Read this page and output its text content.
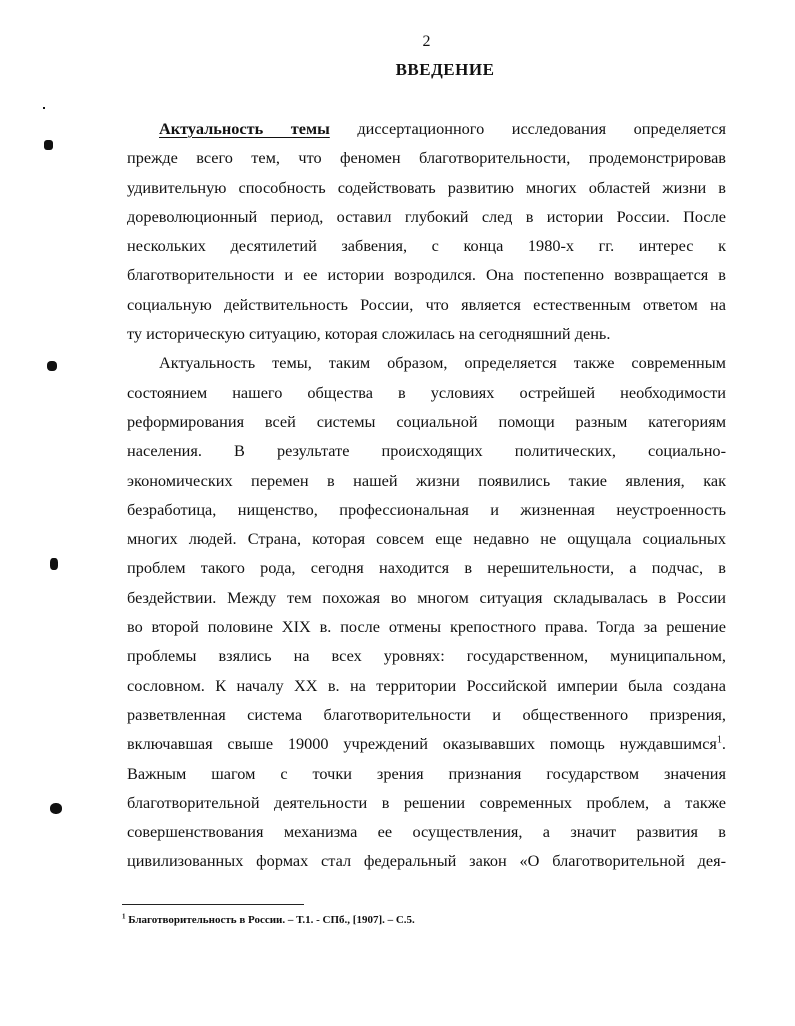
2
ВВЕДЕНИЕ
Актуальность темы диссертационного исследования определяется
прежде всего тем, что феномен благотворительности, продемонстрировав
удивительную способность содействовать развитию многих областей жизни в
дореволюционный период, оставил глубокий след в истории России. После
нескольких десятилетий забвения, с конца 1980-х гг. интерес к
благотворительности и ее истории возродился. Она постепенно возвращается в
социальную действительность России, что является естественным ответом на
ту историческую ситуацию, которая сложилась на сегодняшний день.
Актуальность темы, таким образом, определяется также современным
состоянием нашего общества в условиях острейшей необходимости
реформирования всей системы социальной помощи разным категориям
населения. В результате происходящих политических, социально-
экономических перемен в нашей жизни появились такие явления, как
безработица, нищенство, профессиональная и жизненная неустроенность
многих людей. Страна, которая совсем еще недавно не ощущала социальных
проблем такого рода, сегодня находится в нерешительности, а подчас, в
бездействии. Между тем похожая во многом ситуация складывалась в России
во второй половине XIX в. после отмены крепостного права. Тогда за решение
проблемы взялись на всех уровнях: государственном, муниципальном,
сословном. К началу XX в. на территории Российской империи была создана
разветвленная система благотворительности и общественного призрения,
включавшая свыше 19000 учреждений оказывавших помощь нуждавшимся$^1$.
Важным шагом с точки зрения признания государством значения
благотворительной деятельности в решении современных проблем, а также
совершенствования механизма ее осуществления, а значит развития в
цивилизованных формах стал федеральный закон «О благотворительной дея-
$^1$ Благотворительность в России. – Т.1. - СПб., [1907]. – С.5.
